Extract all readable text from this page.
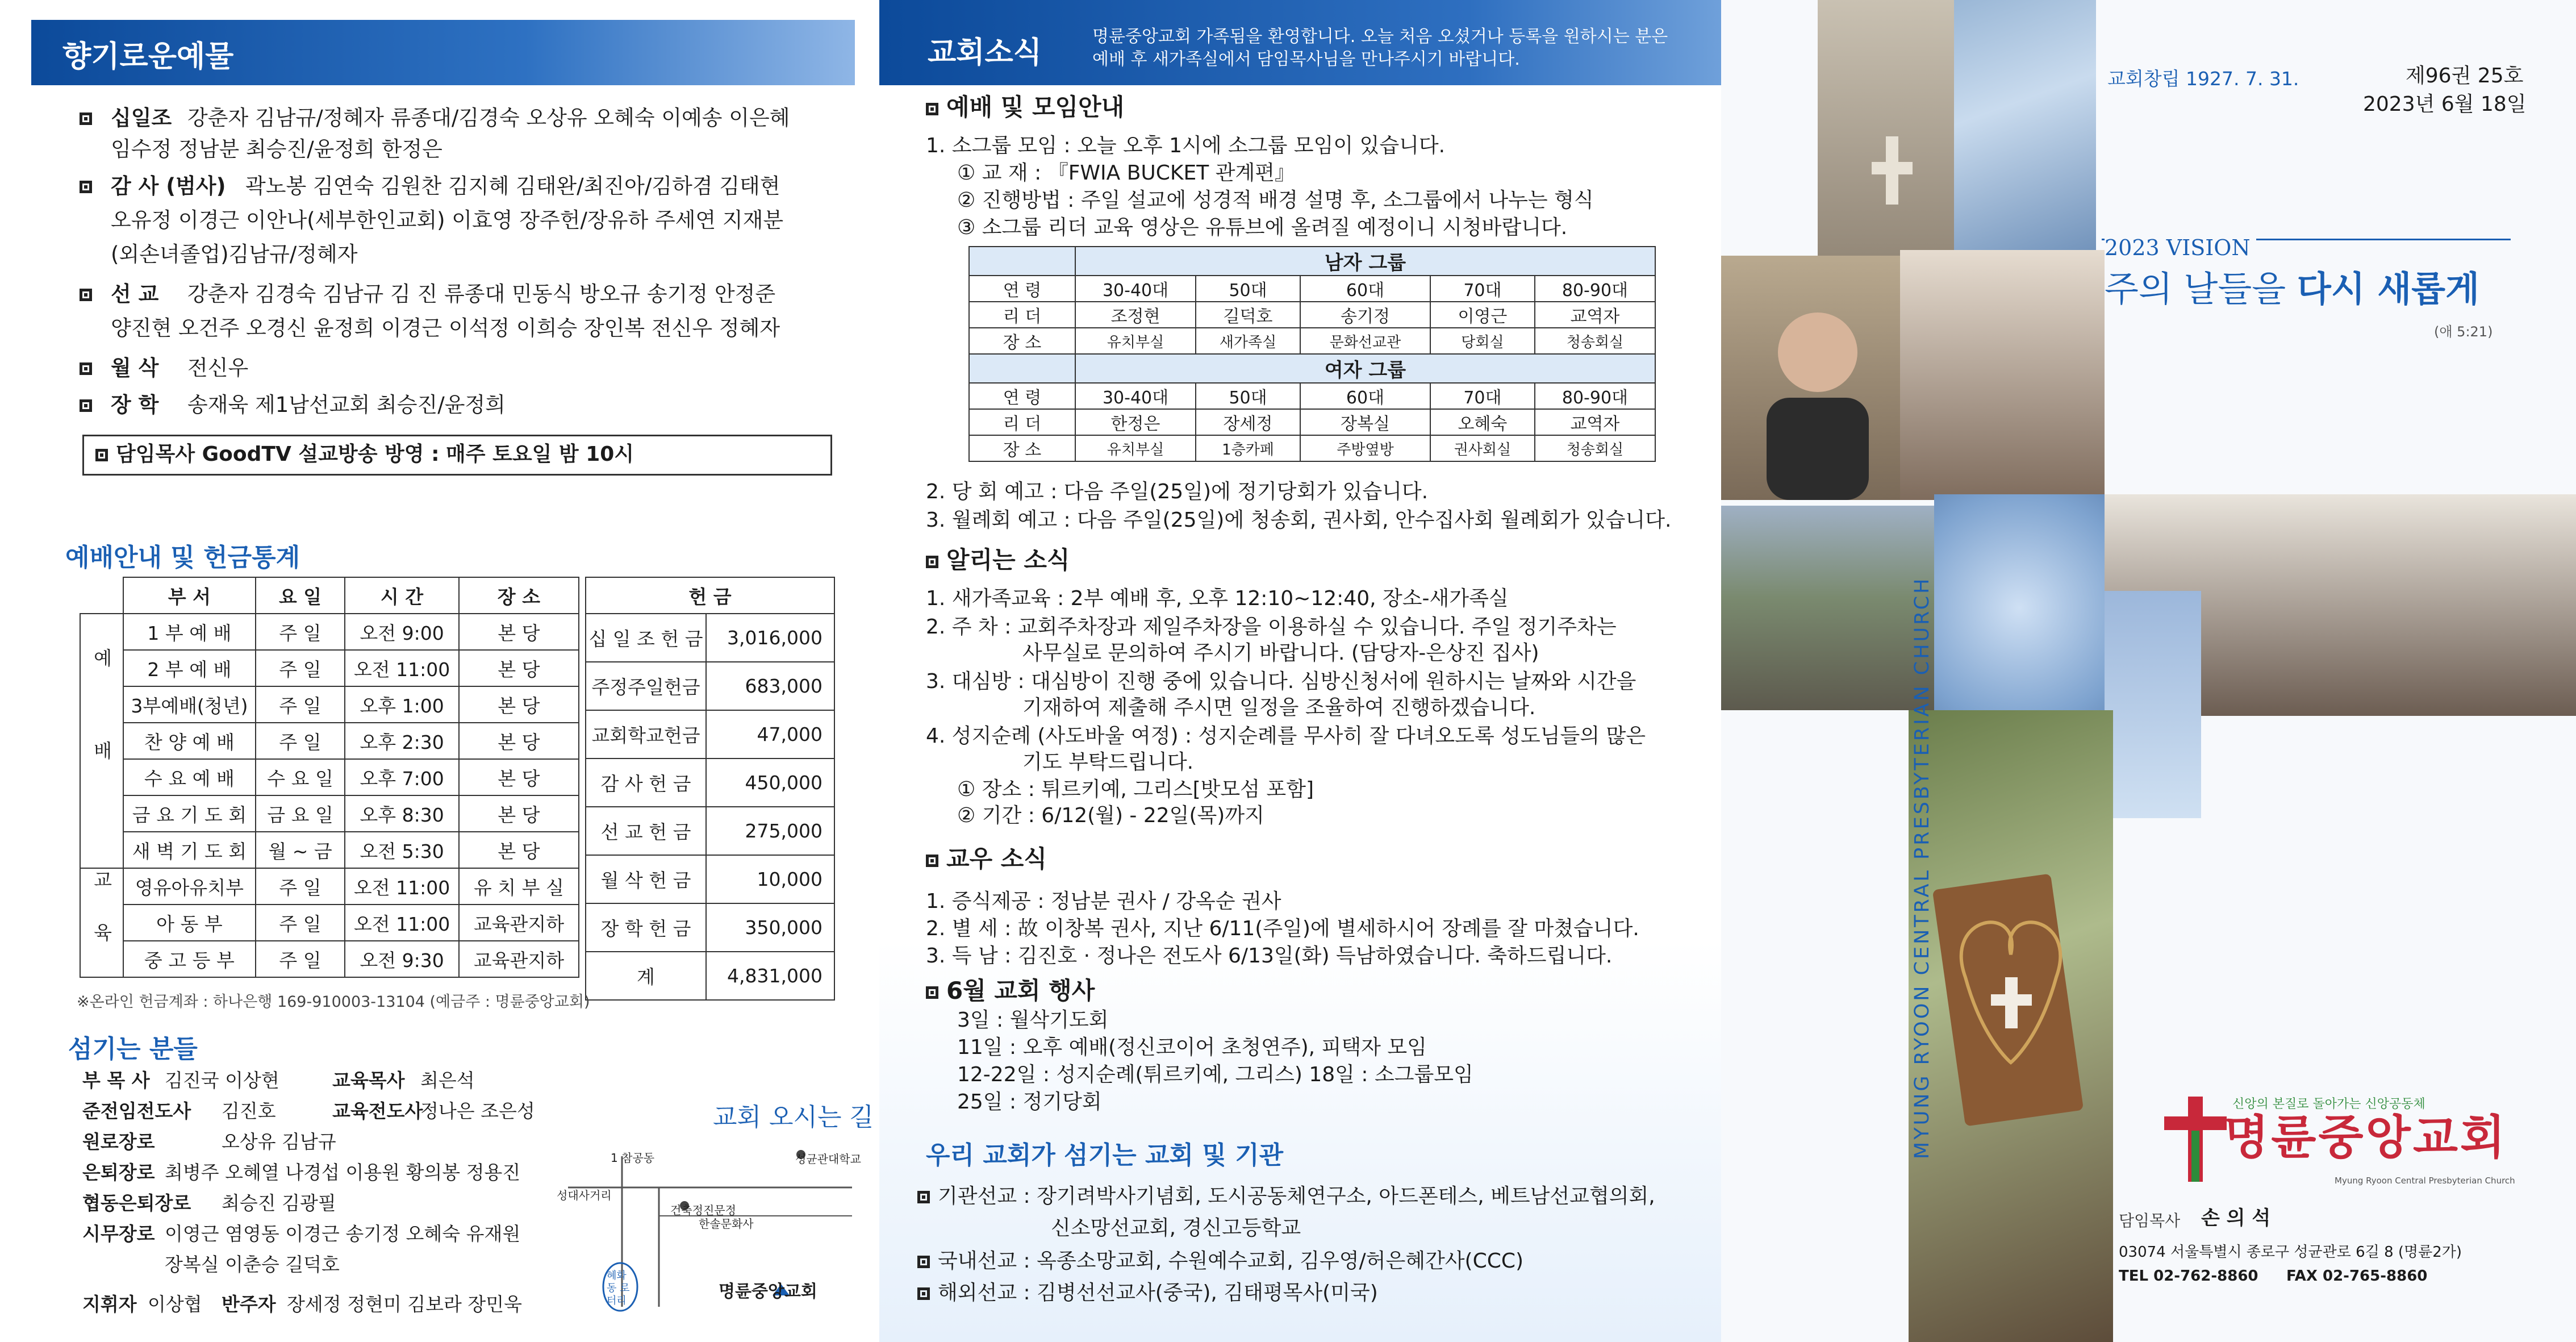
향기로운예물
십일조 강춘자 김남규/정혜자 류종대/김경숙 오상유 오혜숙 이예송 이은혜
임수정 정남분 최승진/윤정희 한정은
감 사 (범사) 곽노봉 김연숙 김원찬 김지혜 김태완/최진아/김하겸 김태현
오유정 이경근 이안나(세부한인교회) 이효영 장주헌/장유하 주세연 지재분
(외손녀졸업)김남규/정혜자
선 교 강춘자 김경숙 김남규 김 진 류종대 민동식 방오규 송기정 안정준
양진현 오건주 오경신 윤정희 이경근 이석정 이희승 장인복 전신우 정혜자
월 삭 전신우
장 학 송재욱 제1남선교회 최승진/윤정희
담임목사 GoodTV 설교방송 방영 : 매주 토요일 밤 10시
예배안내 및 헌금통계
	부 서	요 일	시 간	장 소
예배	1 부 예 배	주 일	오전 9:00	본 당
	2 부 예 배	주 일	오전 11:00	본 당
	3부예배(청년)	주 일	오후 1:00	본 당
	찬 양 예 배	주 일	오후 2:30	본 당
	수 요 예 배	수 요 일	오후 7:00	본 당
	금 요 기 도 회	금 요 일	오후 8:30	본 당
	새 벽 기 도 회	월 ~ 금	오전 5:30	본 당
교육	영유아유치부	주 일	오전 11:00	유 치 부 실
	아 동 부	주 일	오전 11:00	교육관지하
	중 고 등 부	주 일	오전 9:30	교육관지하
헌 금	
십 일 조 헌 금	3,016,000
주정주일헌금	683,000
교회학교헌금	47,000
감 사 헌 금	450,000
선 교 헌 금	275,000
월 삭 헌 금	10,000
장 학 헌 금	350,000
계	4,831,000
※온라인 헌금계좌 : 하나은행 169-910003-13104 (예금주 : 명륜중앙교회)
섬기는 분들
부 목 사 김진국 이상현	교육목사 최은석
준전임전도사 김진호	교육전도사
정나은 조은성
원로장로	오상유 김남규
은퇴장로 최병주 오혜열 나경섭 이용원 황의봉 정용진
협동은퇴장로 최승진 김광필
시무장로 이영근 염영동 이경근 송기정 오혜숙 유재원
장복실 이춘승 길덕호
지휘자 이상협 반주자 장세정 정현미 김보라 장민욱
교회 오시는 길
1 참공동	성균관대학교
성대사거리
건축정진문정
한솔문화사
혜화동 로터리	명륜중앙교회
교회소식	명륜중앙교회 가족됨을 환영합니다. 오늘 처음 오셨거나 등록을 원하시는 분은
예배 후 새가족실에서 담임목사님을 만나주시기 바랍니다.
예배 및 모임안내
1. 소그룹 모임 : 오늘 오후 1시에 소그룹 모임이 있습니다.
① 교 재 : 『FWIA BUCKET 관계편』
② 진행방법 : 주일 설교에 성경적 배경 설명 후, 소그룹에서 나누는 형식
③ 소그룹 리더 교육 영상은 유튜브에 올려질 예정이니 시청바랍니다.
	남자 그룹				
연 령	30-40대	50대	60대	70대	80-90대
리 더	조정현	길덕호	송기정	이영근	교역자
장 소	유치부실	새가족실	문화선교관	당회실	청송회실
	여자 그룹				
연 령	30-40대	50대	60대	70대	80-90대
리 더	한정은	장세정	장복실	오혜숙	교역자
장 소	유치부실	1층카페	주방옆방	권사회실	청송회실
2. 당 회 예고 : 다음 주일(25일)에 정기당회가 있습니다.
3. 월례회 예고 : 다음 주일(25일)에 청송회, 권사회, 안수집사회 월례회가 있습니다.
알리는 소식
1. 새가족교육 : 2부 예배 후, 오후 12:10~12:40, 장소-새가족실
2. 주 차 : 교회주차장과 제일주차장을 이용하실 수 있습니다. 주일 정기주차는
사무실로 문의하여 주시기 바랍니다. (담당자-은상진 집사)
3. 대심방 : 대심방이 진행 중에 있습니다. 심방신청서에 원하시는 날짜와 시간을
기재하여 제출해 주시면 일정을 조율하여 진행하겠습니다.
4. 성지순례 (사도바울 여정) : 성지순례를 무사히 잘 다녀오도록 성도님들의 많은
기도 부탁드립니다.
① 장소 : 튀르키예, 그리스[밧모섬 포함]
② 기간 : 6/12(월) - 22일(목)까지
교우 소식
1. 증식제공 : 정남분 권사 / 강옥순 권사
2. 별 세 : 故 이창복 권사, 지난 6/11(주일)에 별세하시어 장례를 잘 마쳤습니다.
3. 득 남 : 김진호 · 정나은 전도사 6/13일(화) 득남하였습니다. 축하드립니다.
6월 교회 행사
3일 : 월삭기도회
11일 : 오후 예배(정신코이어 초청연주), 피택자 모임
12-22일 : 성지순례(튀르키예, 그리스) 18일 : 소그룹모임
25일 : 정기당회
우리 교회가 섬기는 교회 및 기관
기관선교 : 장기려박사기념회, 도시공동체연구소, 아드폰테스, 베트남선교협의회,
신소망선교회, 경신고등학교
국내선교 : 옥종소망교회, 수원예수교회, 김우영/허은혜간사(CCC)
해외선교 : 김병선선교사(중국), 김태평목사(미국)
교회창립 1927. 7. 31.	제96권 25호
2023년 6월 18일
2023 VISION
주의 날들을 다시 새롭게
(애 5:21)
MYUNG RYOON CENTRAL PRESBYTERIAN CHURCH	신앙의 본질로 돌아가는 신앙공동체
명륜중앙교회
Myung Ryoon Central Presbyterian Church
담임목사 손 의 석
03074 서울특별시 종로구 성균관로 6길 8 (명륜2가)
TEL 02-762-8860 FAX 02-765-8860
